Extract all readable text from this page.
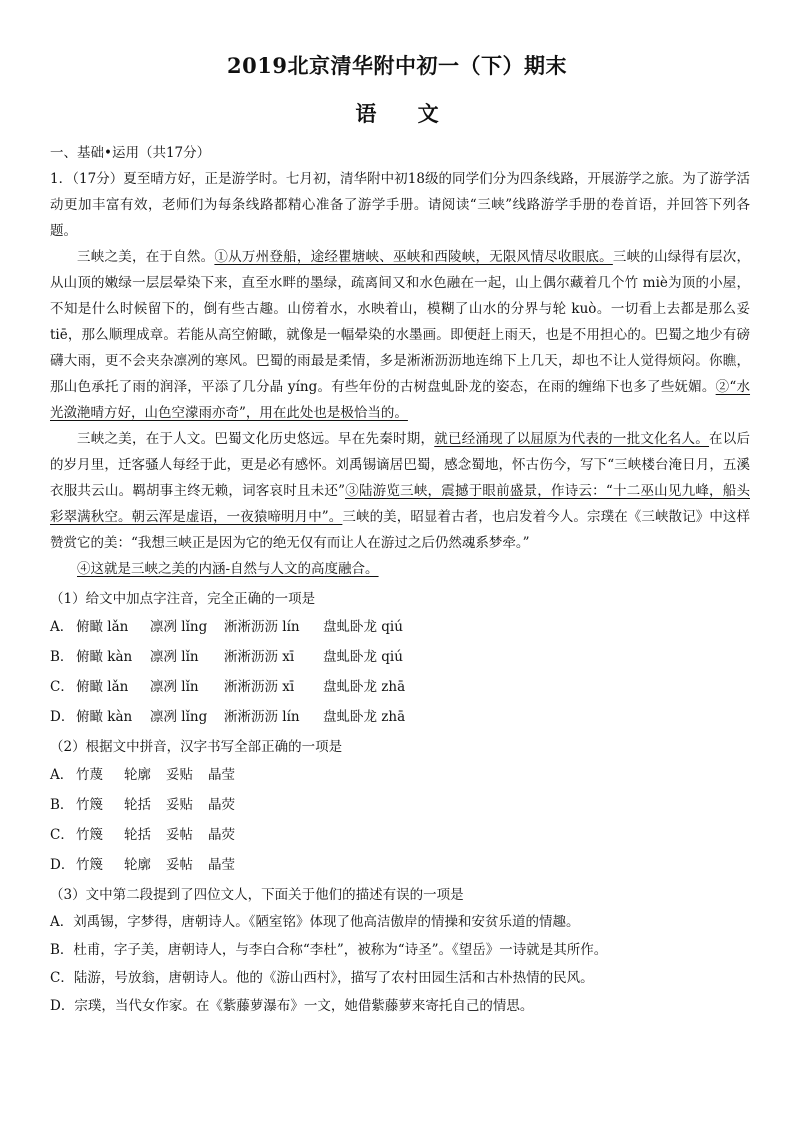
2019北京清华附中初一（下）期末
语 文

一、基础•运用（共17分）

1．（17分）夏至晴方好，正是游学时。七月初，清华附中初18级的同学们分为四条线路，开展游学之旅。为了游学活动更加丰富有效，老师们为每条线路都精心准备了游学手册。请阅读“三峡”线路游学手册的卷首语，并回答下列各题。

三峡之美，在于自然。①从万州登船，途经瞿塘峡、巫峡和西陵峡，无限风情尽收眼底。三峡的山绿得有层次，从山顶的嫩绿一层层晕染下来，直至水畔的墨绿，疏离间又和水色融在一起，山上偶尔藏着几个竹 miè为顶的小屋，不知是什么时候留下的，倒有些古趣。山傍着水，水映着山，模糊了山水的分界与轮 kuò。一切看上去都是那么妥 tiē，那么顺理成章。若能从高空俯瞰，就像是一幅晕染的水墨画。即便赶上雨天，也是不用担心的。巴蜀之地少有磅礴大雨，更不会夹杂凛冽的寒风。巴蜀的雨最是柔情，多是淅淅沥沥地连绵下上几天，却也不让人觉得烦闷。你瞧，那山色承托了雨的润泽，平添了几分晶 yíng。有些年份的古树盘虬卧龙的姿态，在雨的缠绵下也多了些妩媚。②“水光潋滟晴方好，山色空濛雨亦奇”，用在此处也是极恰当的。

三峡之美，在于人文。巴蜀文化历史悠远。早在先秦时期，就已经涌现了以屈原为代表的一批文化名人。在以后的岁月里，迁客骚人每经于此，更是必有感怀。刘禹锡谪居巴蜀，感念蜀地，怀古伤今，写下“三峡楼台淹日月，五溪衣服共云山。羁胡事主终无赖，词客哀时且未还”③陆游览三峡，震撼于眼前盛景，作诗云：“十二巫山见九峰，船头彩翠满秋空。朝云浑是虚语，一夜猿啼明月中”。三峡的美，昭显着古者，也启发着今人。宗璞在《三峡散记》中这样赞赏它的美：“我想三峡正是因为它的绝无仅有而让人在游过之后仍然魂系梦牵。”

④这就是三峡之美的内涵-自然与人文的高度融合。

（1）给文中加点字注音，完全正确的一项是

A． 俯瞰 lǎn 凛冽 lǐng 淅淅沥沥 lín 盘虬卧龙 qiú
B． 俯瞰 kàn 凛冽 lǐn 淅淅沥沥 xī 盘虬卧龙 qiú
C． 俯瞰 lǎn 凛冽 lǐn 淅淅沥沥 xī 盘虬卧龙 zhā
D． 俯瞰 kàn 凛冽 lǐng 淅淅沥沥 lín 盘虬卧龙 zhā

（2）根据文中拼音，汉字书写全部正确的一项是

A． 竹蔑 轮廓 妥贴 晶莹
B． 竹篾 轮括 妥贴 晶荧
C． 竹篾 轮括 妥帖 晶荧
D． 竹篾 轮廓 妥帖 晶莹

（3）文中第二段提到了四位文人，下面关于他们的描述有误的一项是

A．刘禹锡，字梦得，唐朝诗人。《陋室铭》体现了他高洁傲岸的情操和安贫乐道的情趣。
B．杜甫，字子美，唐朝诗人，与李白合称“李杜”，被称为“诗圣”。《望岳》一诗就是其所作。
C．陆游，号放翁，唐朝诗人。他的《游山西村》，描写了农村田园生活和古朴热情的民风。
D．宗璞，当代女作家。在《紫藤萝瀑布》一文，她借紫藤萝来寄托自己的情思。
